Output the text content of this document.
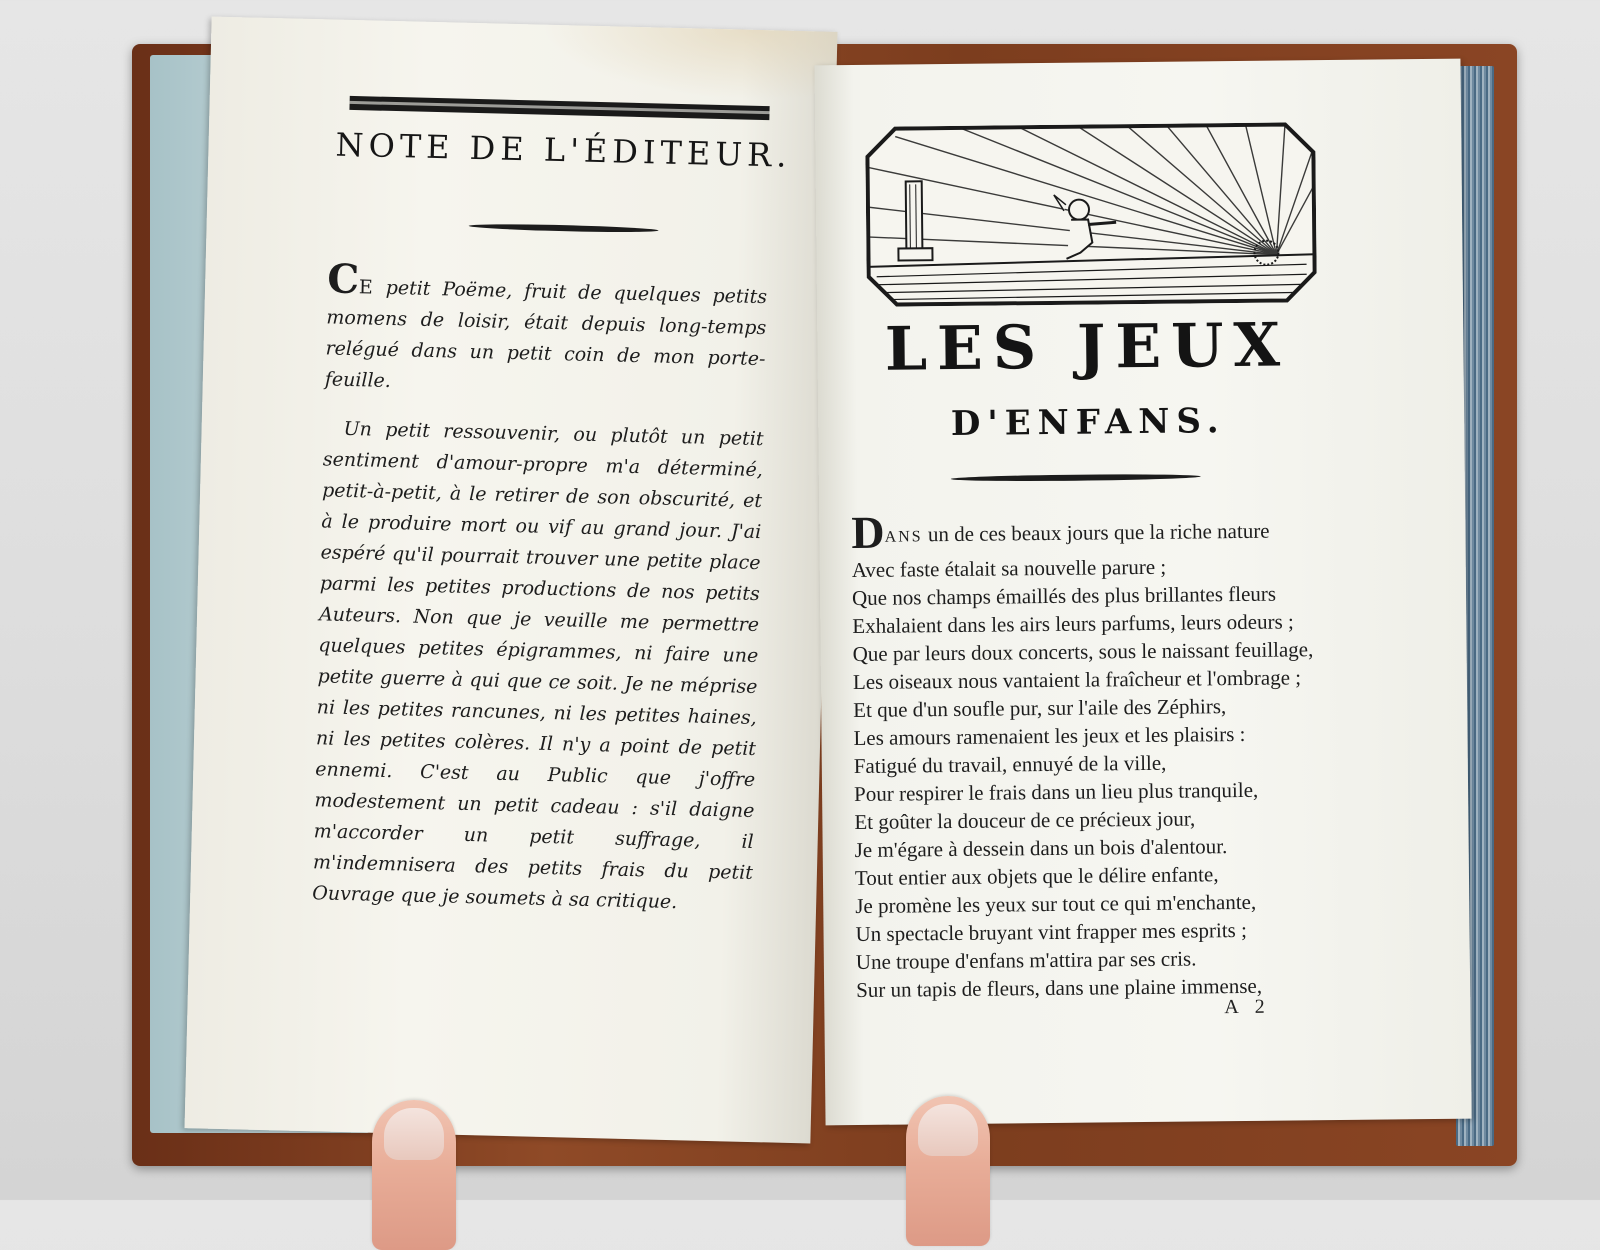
NOTE DE L'ÉDITEUR.

CE petit Poëme, fruit de quelques petits momens de loisir, était depuis long-temps relégué dans un petit coin de mon porte-feuille.

Un petit ressouvenir, ou plutôt un petit sentiment d'amour-propre m'a déterminé, petit-à-petit, à le retirer de son obscurité, et à le produire mort ou vif au grand jour. J'ai espéré qu'il pourrait trouver une petite place parmi les petites productions de nos petits Auteurs. Non que je veuille me permettre quelques petites épigrammes, ni faire une petite guerre à qui que ce soit. Je ne méprise ni les petites rancunes, ni les petites haines, ni les petites colères. Il n'y a point de petit ennemi. C'est au Public que j'offre modestement un petit cadeau : s'il daigne m'accorder un petit suffrage, il m'indemnisera des petits frais du petit Ouvrage que je soumets à sa critique.

LES JEUX
D'ENFANS.
DANS un de ces beaux jours que la riche nature
Avec faste étalait sa nouvelle parure ;
Que nos champs émaillés des plus brillantes fleurs
Exhalaient dans les airs leurs parfums, leurs odeurs ;
Que par leurs doux concerts, sous le naissant feuillage,
Les oiseaux nous vantaient la fraîcheur et l'ombrage ;
Et que d'un soufle pur, sur l'aile des Zéphirs,
Les amours ramenaient les jeux et les plaisirs :
Fatigué du travail, ennuyé de la ville,
Pour respirer le frais dans un lieu plus tranquile,
Et goûter la douceur de ce précieux jour,
Je m'égare à dessein dans un bois d'alentour.
Tout entier aux objets que le délire enfante,
Je promène les yeux sur tout ce qui m'enchante,
Un spectacle bruyant vint frapper mes esprits ;
Une troupe d'enfans m'attira par ses cris.
Sur un tapis de fleurs, dans une plaine immense,
A 2
